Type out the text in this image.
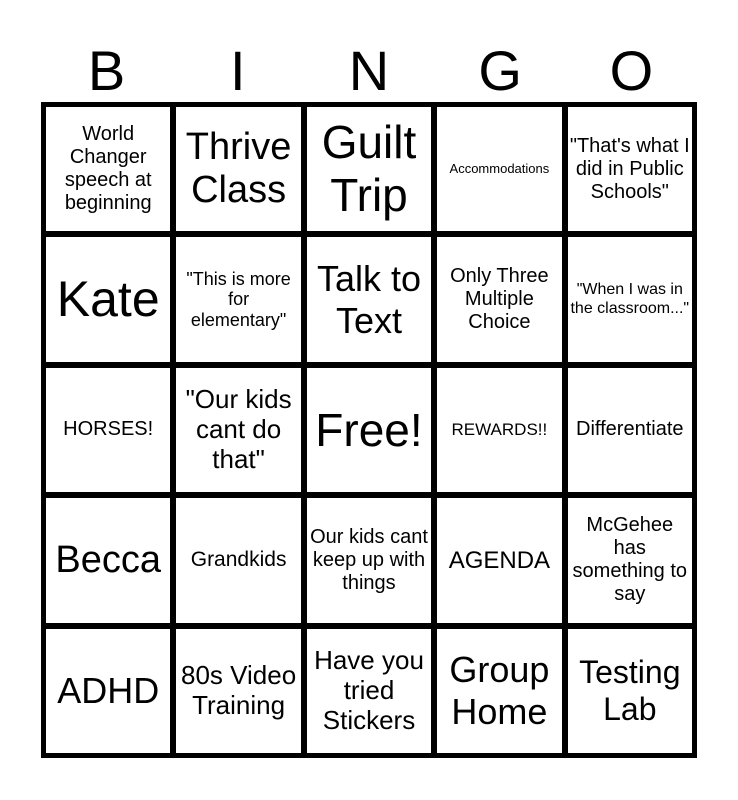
B	I	N	G	O
World Changer speech at beginning
Thrive Class
Guilt Trip
Accommodations
"That's what I did in Public Schools"
Kate	"This is more for elementary"
Talk to Text
Only Three Multiple Choice
"When I was in the classroom..."
HORSES!
"Our kids cant do that"
Free! REWARDS!! Differentiate
Becca Grandkids
Our kids cant keep up with things
AGENDA
McGehee has something to say
ADHD 80s Video Training
Have you tried Stickers
Group Home
Testing Lab
